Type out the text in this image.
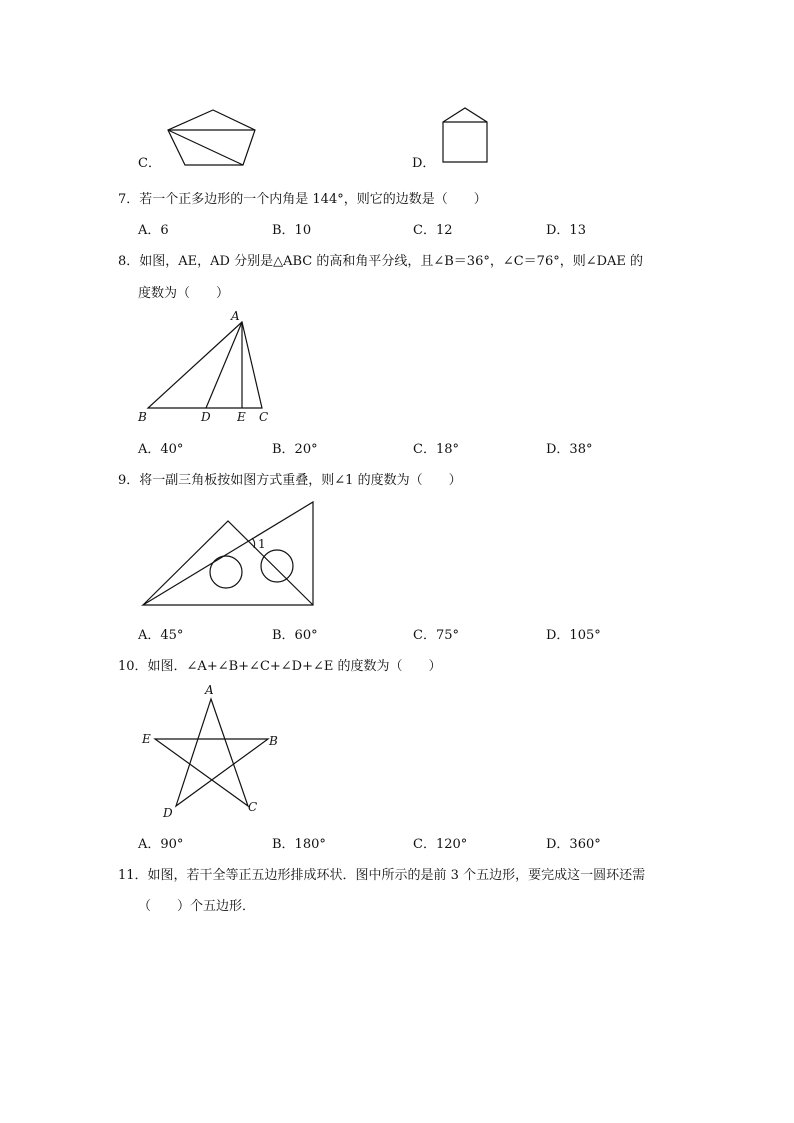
C．	D．
7．若一个正多边形的一个内角是 144°，则它的边数是（　　）
A．6	B．10	C．12	D．13
8．如图，AE，AD 分别是△ABC 的高和角平分线，且∠B＝36°，∠C＝76°，则∠DAE 的
度数为（　　）
A
B	D E C
A．40°	B．20°	C．18°	D．38°
9．将一副三角板按如图方式重叠，则∠1 的度数为（　　）
1
A．45°	B．60°	C．75°	D．105°
10．如图．∠A+∠B+∠C+∠D+∠E 的度数为（　　）
A
B
C
D
E
A．90°	B．180°	C．120°	D．360°
11．如图，若干全等正五边形排成环状．图中所示的是前 3 个五边形，要完成这一圆环还需
（　　）个五边形．
